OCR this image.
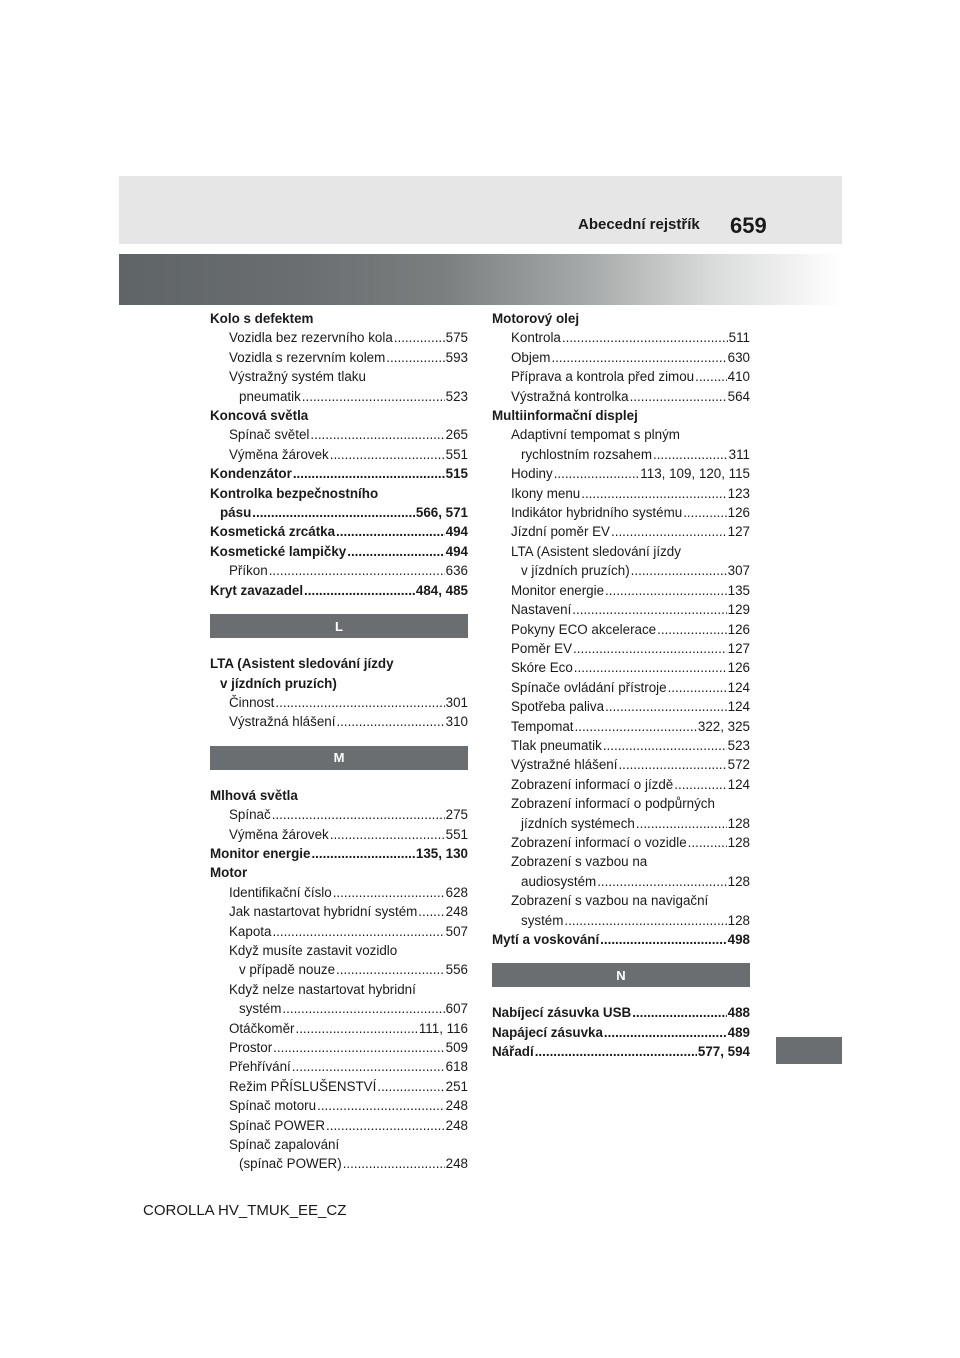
Abecední rejstřík 659
Kolo s defektem
Vozidla bez rezervního kola .....	575
Vozidla s rezervním kolem .....	593
Výstražný systém tlaku
pneumatik .....	523
Koncová světla
Spínač světel .....	265
Výměna žárovek .....	551
Kondenzátor .....	515
Kontrolka bezpečnostního
pásu .....	566, 571
Kosmetická zrcátka .....	494
Kosmetické lampičky .....	494
Příkon .....	636
Kryt zavazadel .....	484, 485
L
LTA (Asistent sledování jízdy
v jízdních pruzích)
Činnost .....	301
Výstražná hlášení .....	310
M
Mlhová světla
Spínač .....	275
Výměna žárovek .....	551
Monitor energie .....	135, 130
Motor
Identifikační číslo .....	628
Jak nastartovat hybridní systém ..... 248
Kapota .....	507
Když musíte zastavit vozidlo
v případě nouze .....	556
Když nelze nastartovat hybridní
systém .....	607
Otáčkoměr .....	111, 116
Prostor .....	509
Přehřívání .....	618
Režim PŘÍSLUŠENSTVÍ .....	251
Spínač motoru .....	248
Spínač POWER .....	248
Spínač zapalování
(spínač POWER) .....	248
Motorový olej
Kontrola .....	511
Objem .....	630
Příprava a kontrola před zimou .....	410
Výstražná kontrolka .....	564
Multiinformační displej
Adaptivní tempomat s plným
rychlostním rozsahem .....	311
Hodiny .....	113, 109, 120, 115
Ikony menu .....	123
Indikátor hybridního systému .....	126
Jízdní poměr EV .....	127
LTA (Asistent sledování jízdy
v jízdních pruzích) .....	307
Monitor energie .....	135
Nastavení .....	129
Pokyny ECO akcelerace .....	126
Poměr EV .....	127
Skóre Eco .....	126
Spínače ovládání přístroje .....	124
Spotřeba paliva .....	124
Tempomat .....	322, 325
Tlak pneumatik .....	523
Výstražné hlášení .....	572
Zobrazení informací o jízdě .....	124
Zobrazení informací o podpůrných
jízdních systémech .....	128
Zobrazení informací o vozidle .....	128
Zobrazení s vazbou na
audiosystém .....	128
Zobrazení s vazbou na navigační
systém .....	128
Mytí a voskování .....	498
N
Nabíjecí zásuvka USB .....	488
Napájecí zásuvka .....	489
Nářadí .....	577, 594
COROLLA HV_TMUK_EE_CZ
